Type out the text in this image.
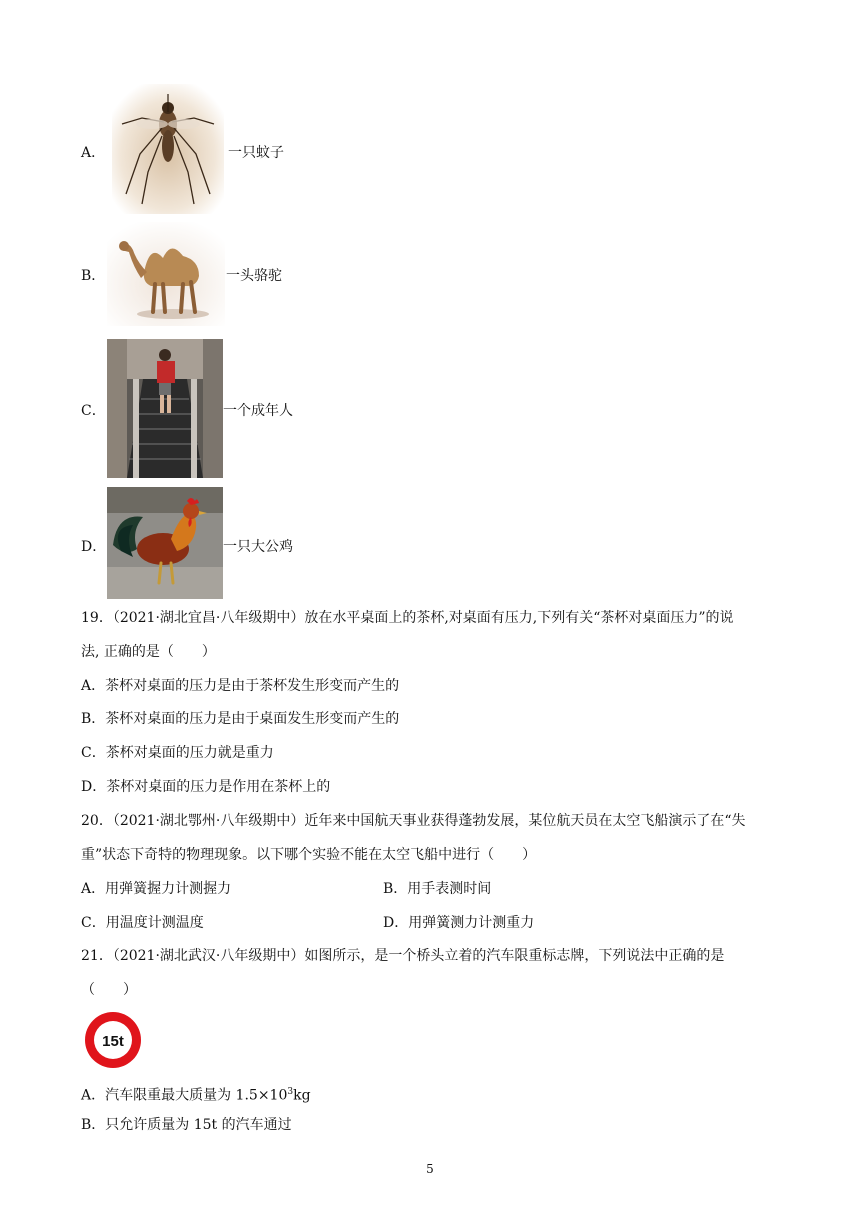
A．	一只蚊子
B．	一头骆驼
C．	一个成年人
D．	一只大公鸡
19．（2021·湖北宜昌·八年级期中）放在水平桌面上的茶杯,对桌面有压力,下列有关“茶杯对桌面压力”的说
法, 正确的是（　　）
A．茶杯对桌面的压力是由于茶杯发生形变而产生的
B．茶杯对桌面的压力是由于桌面发生形变而产生的
C．茶杯对桌面的压力就是重力
D．茶杯对桌面的压力是作用在茶杯上的
20．（2021·湖北鄂州·八年级期中）近年来中国航天事业获得蓬勃发展，某位航天员在太空飞船演示了在“失
重”状态下奇特的物理现象。以下哪个实验不能在太空飞船中进行（　　）
A．用弹簧握力计测握力	B．用手表测时间
C．用温度计测温度	D．用弹簧测力计测重力
21．（2021·湖北武汉·八年级期中）如图所示，是一个桥头立着的汽车限重标志牌，下列说法中正确的是
（　　）
15t
A．汽车限重最大质量为 $1.5\times 10^3kg$
B．只允许质量为 15t 的汽车通过
5
